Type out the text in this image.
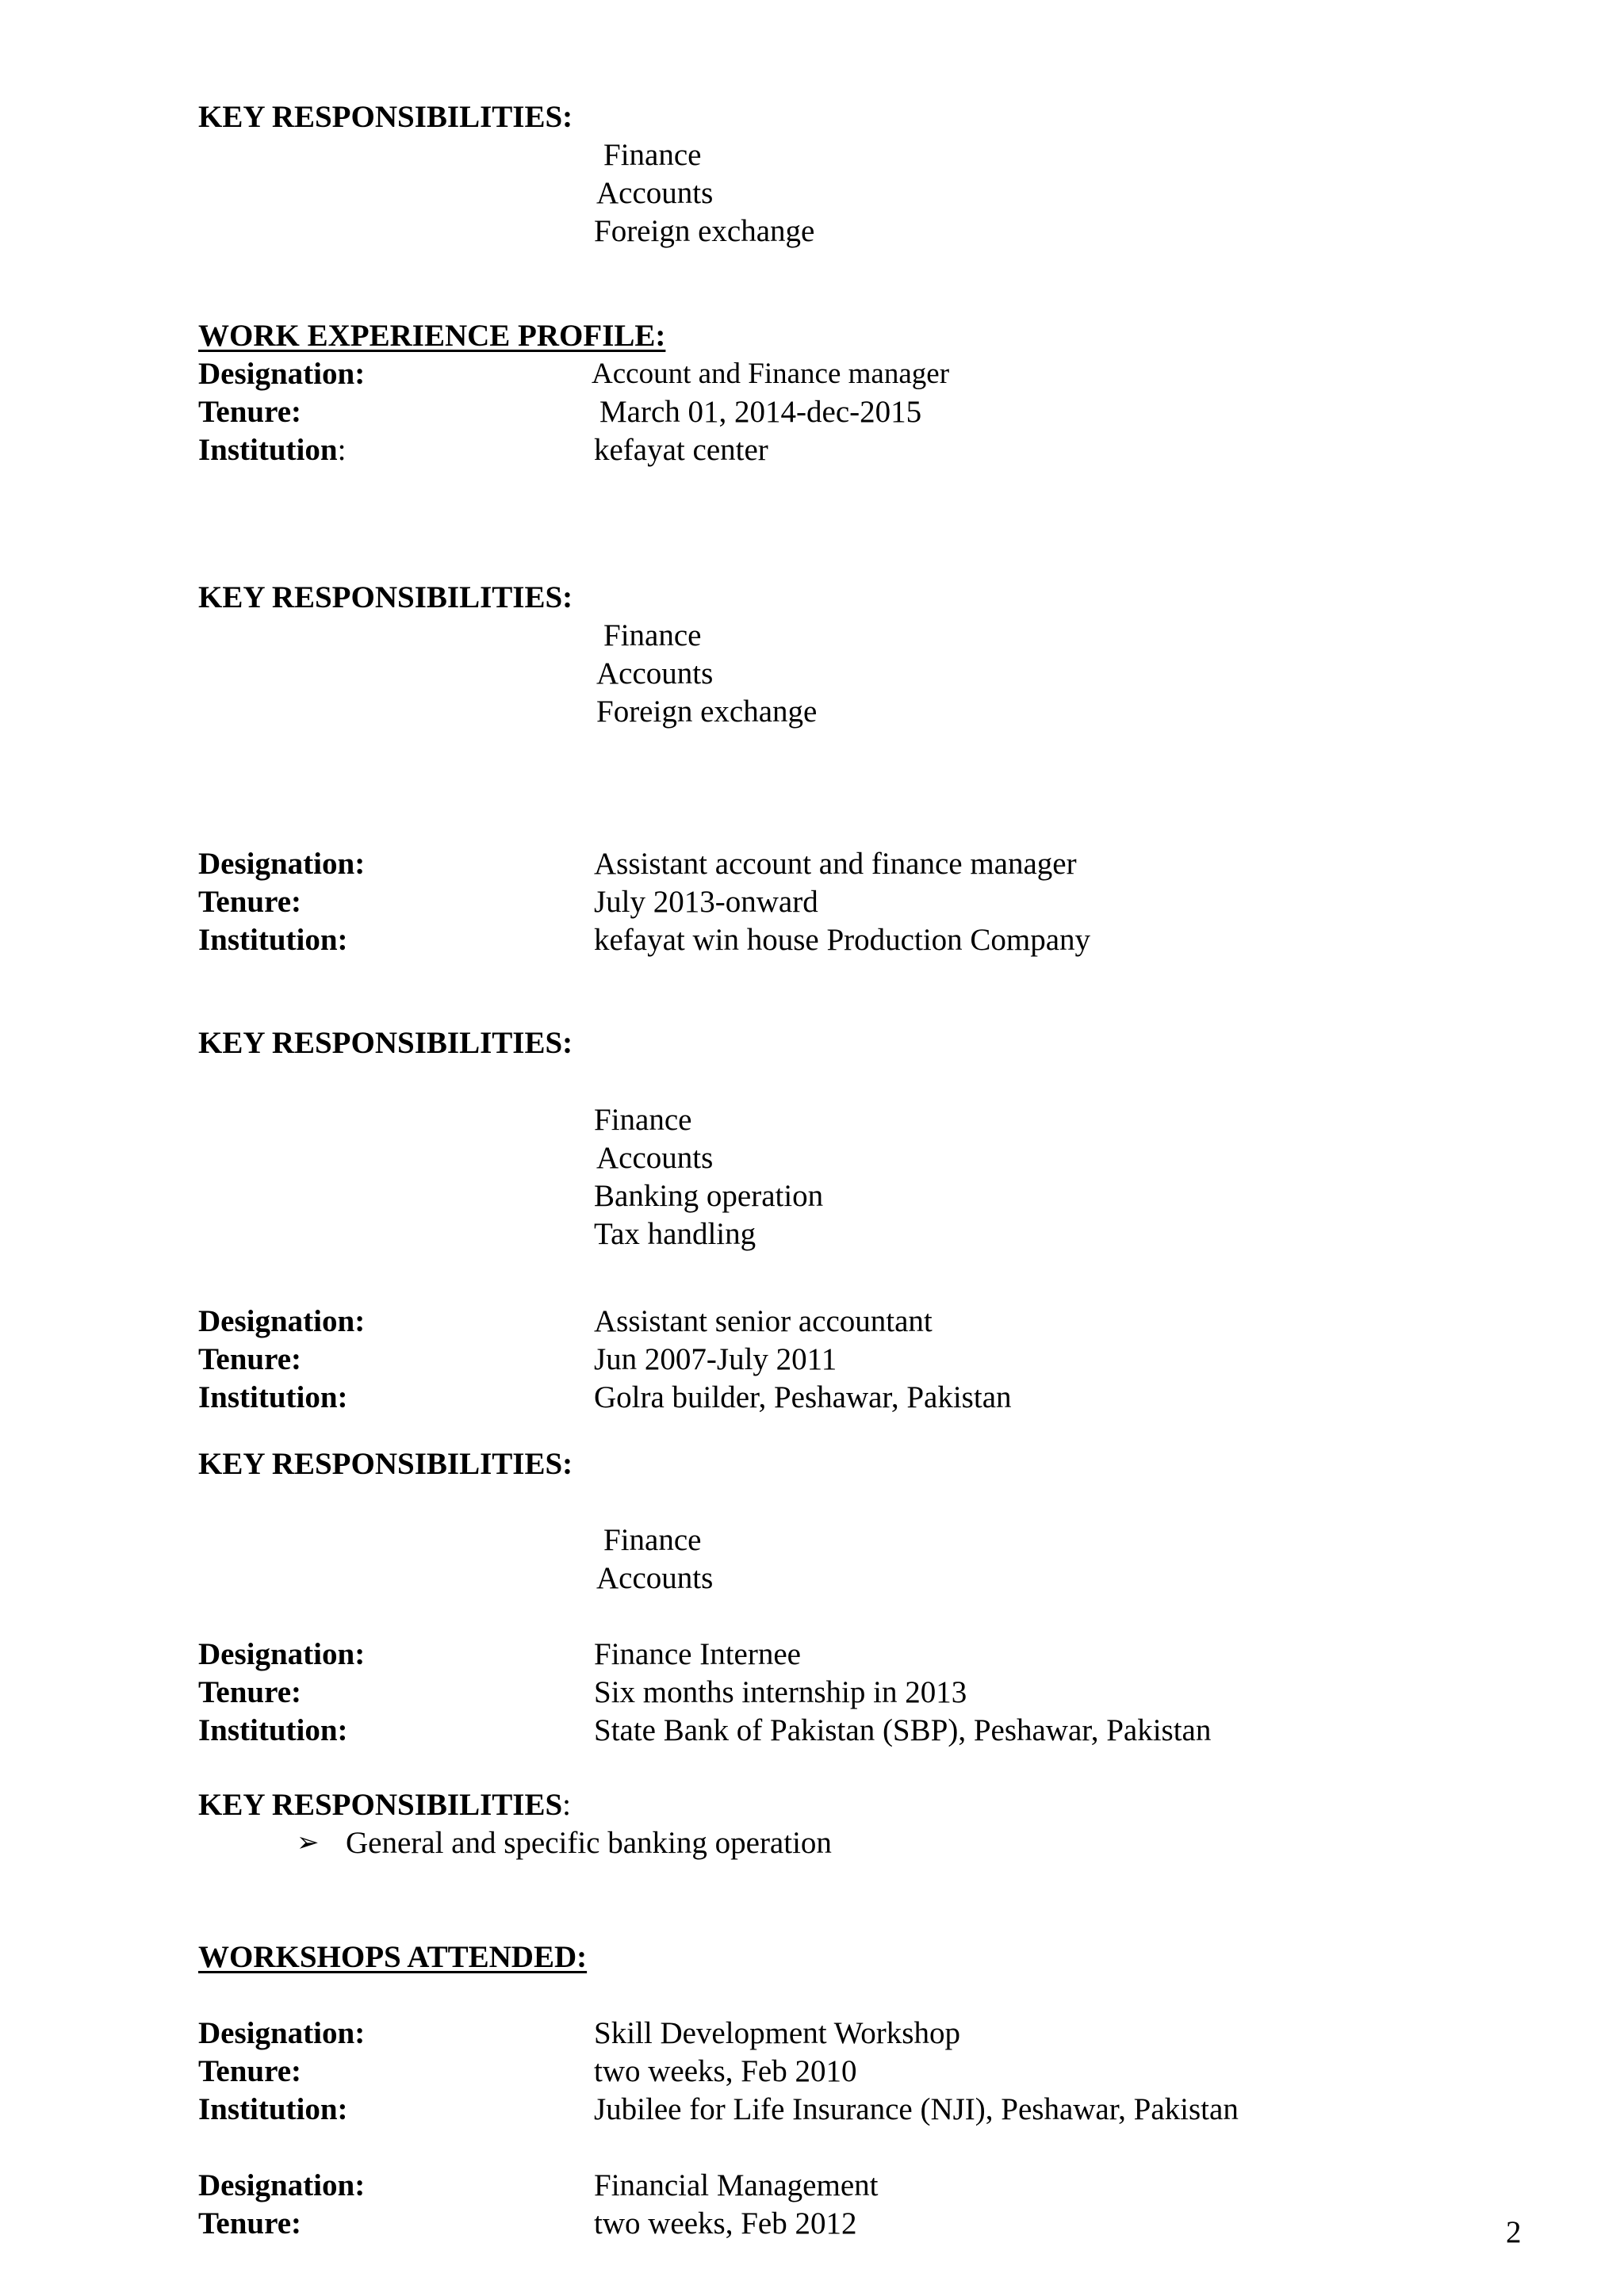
KEY RESPONSIBILITIES:
Finance
Accounts
Foreign exchange
WORK EXPERIENCE PROFILE:
Designation:	Account and Finance manager
Tenure:	March 01, 2014-dec-2015
Institution:	kefayat center
KEY RESPONSIBILITIES:
Finance
Accounts
Foreign exchange
Designation:	Assistant account and finance manager
Tenure:	July 2013-onward
Institution:	kefayat win house Production Company
KEY RESPONSIBILITIES:
Finance
Accounts
Banking operation
Tax handling
Designation:	Assistant senior accountant
Tenure:	Jun 2007-July 2011
Institution:	Golra builder, Peshawar, Pakistan
KEY RESPONSIBILITIES:
Finance
Accounts
Designation:	Finance Internee
Tenure:	Six months internship in 2013
Institution:	State Bank of Pakistan (SBP), Peshawar, Pakistan
KEY RESPONSIBILITIES:
➢ General and specific banking operation
WORKSHOPS ATTENDED:
Designation:	Skill Development Workshop
Tenure:	two weeks, Feb 2010
Institution:	Jubilee for Life Insurance (NJI), Peshawar, Pakistan
Designation:	Financial Management
Tenure:	two weeks, Feb 2012	2
